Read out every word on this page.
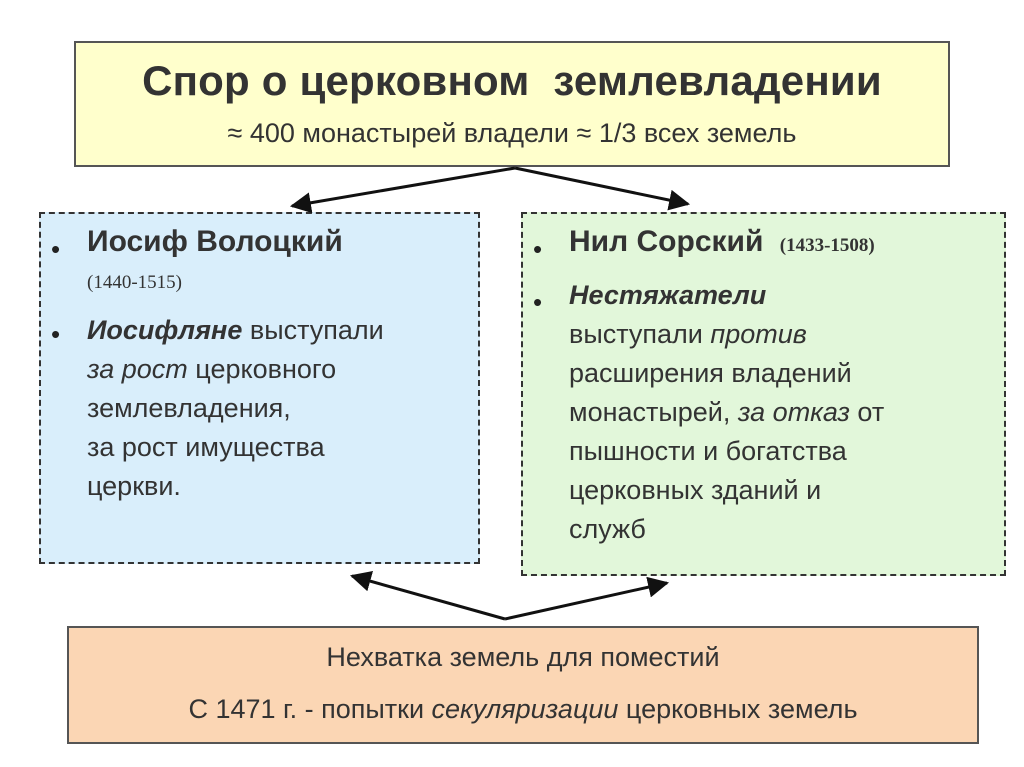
Спор о церковном  землевладении
≈ 400 монастырей владели ≈ 1/3 всех земель
• Иосиф Волоцкий
(1440-1515)
• Иосифляне выступали
за рост церковного
землевладения,
за рост имущества
церкви.
• Нил Сорский (1433-1508)
• Нестяжатели
выступали против
расширения владений
монастырей, за отказ от
пышности и богатства
церковных зданий и
служб
Нехватка земель для поместий
С 1471 г. - попытки секуляризации церковных земель
